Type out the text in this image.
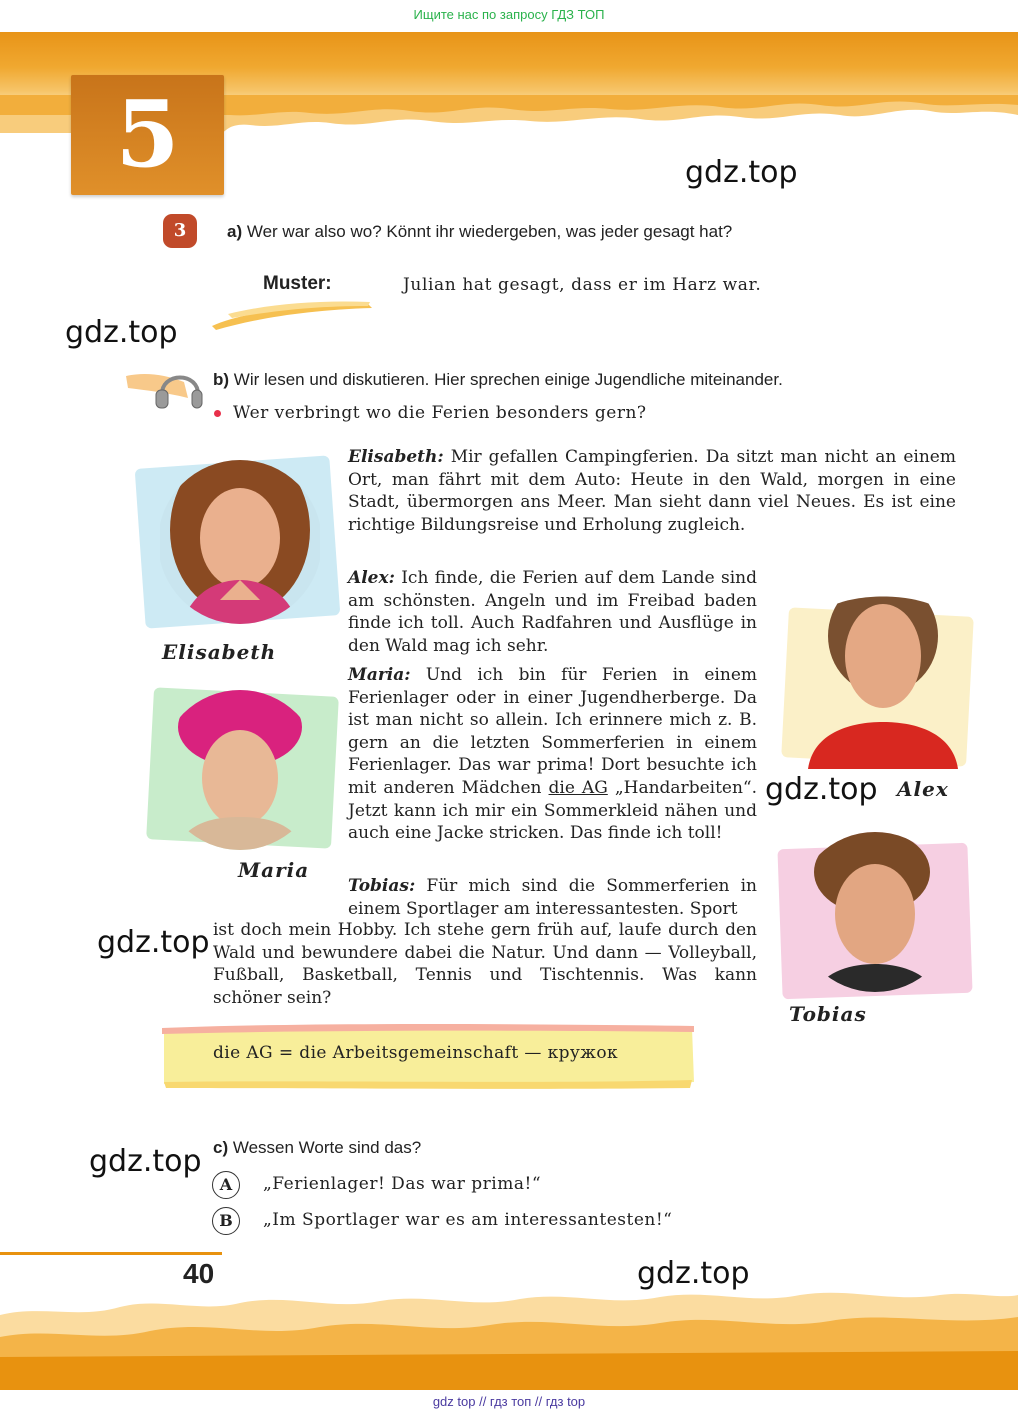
Ищите нас по запросу ГДЗ ТОП
5	gdz.top
gdz.top
gdz.top
gdz.top
gdz.top
gdz.top
3	a) Wer war also wo? Könnt ihr wiedergeben, was jeder gesagt hat?
Muster:	Julian hat gesagt, dass er im Harz war.
b) Wir lesen und diskutieren. Hier sprechen einige Jugendliche miteinander.
Wer verbringt wo die Ferien besonders gern?
Elisabeth
Maria
Alex
Tobias
Elisabeth: Mir gefallen Campingferien. Da sitzt man nicht an einem Ort, man fährt mit dem Auto: Heute in den Wald, morgen in eine Stadt, übermorgen ans Meer. Man sieht dann viel Neues. Es ist eine richtige Bildungsreise und Erholung zugleich.
Alex: Ich finde, die Ferien auf dem Lande sind am schönsten. Angeln und im Freibad baden finde ich toll. Auch Radfahren und Ausflüge in den Wald mag ich sehr.
Maria: Und ich bin für Ferien in einem Ferienlager oder in einer Jugendherberge. Da ist man nicht so allein. Ich erinnere mich z. B. gern an die letzten Sommerferien in einem Ferienlager. Das war prima! Dort besuchte ich mit anderen Mädchen die AG „Handarbeiten“. Jetzt kann ich mir ein Sommerkleid nähen und auch eine Jacke stricken. Das finde ich toll!
Tobias: Für mich sind die Sommerferien in einem Sportlager am interessantesten. Sport
ist doch mein Hobby. Ich stehe gern früh auf, laufe durch den Wald und bewundere dabei die Natur. Und dann — Volleyball, Fußball, Basketball, Tennis und Tischtennis. Was kann schöner sein?
die AG = die Arbeitsgemeinschaft — кружок
c) Wessen Worte sind das?
A	„Ferienlager! Das war prima!“
B	„Im Sportlager war es am interessantesten!“
40
gdz top // гдз топ // гдз top
